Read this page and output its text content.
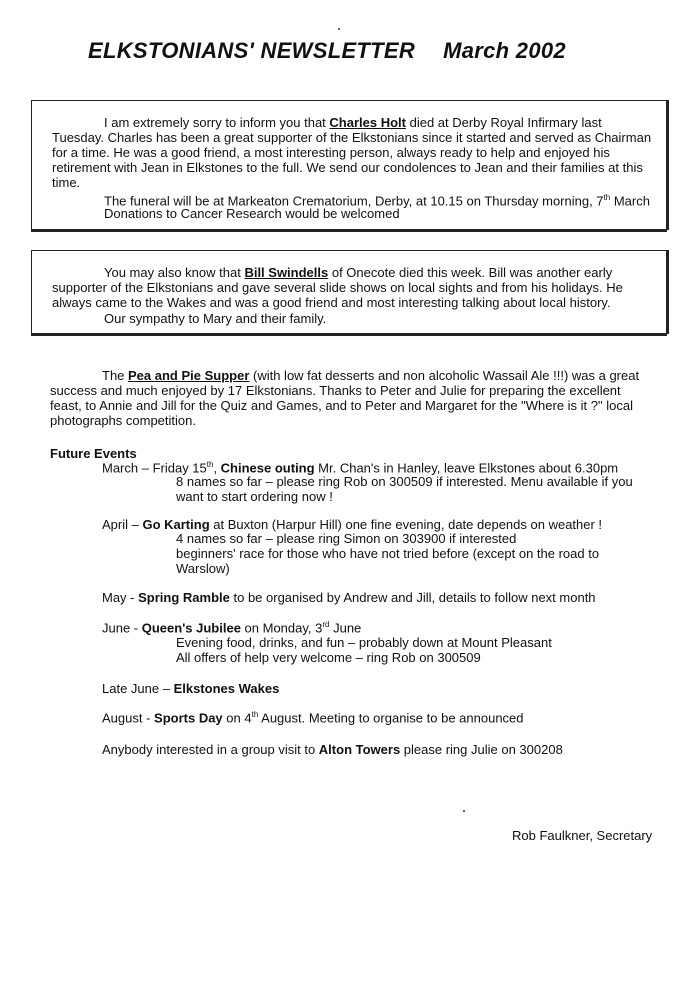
ELKSTONIANS' NEWSLETTER March 2002
I am extremely sorry to inform you that Charles Holt died at Derby Royal Infirmary last Tuesday. Charles has been a great supporter of the Elkstonians since it started and served as Chairman for a time. He was a good friend, a most interesting person, always ready to help and enjoyed his retirement with Jean in Elkstones to the full. We send our condolences to Jean and their families at this time.
The funeral will be at Markeaton Crematorium, Derby, at 10.15 on Thursday morning, 7th March
Donations to Cancer Research would be welcomed
You may also know that Bill Swindells of Onecote died this week. Bill was another early supporter of the Elkstonians and gave several slide shows on local sights and from his holidays. He always came to the Wakes and was a good friend and most interesting talking about local history.
Our sympathy to Mary and their family.
The Pea and Pie Supper (with low fat desserts and non alcoholic Wassail Ale !!!) was a great success and much enjoyed by 17 Elkstonians. Thanks to Peter and Julie for preparing the excellent feast, to Annie and Jill for the Quiz and Games, and to Peter and Margaret for the "Where is it ?" local photographs competition.
Future Events
March – Friday 15th, Chinese outing Mr. Chan's in Hanley, leave Elkstones about 6.30pm
8 names so far – please ring Rob on 300509 if interested. Menu available if you
want to start ordering now !
April – Go Karting at Buxton (Harpur Hill) one fine evening, date depends on weather !
4 names so far – please ring Simon on 303900 if interested
beginners' race for those who have not tried before (except on the road to
Warslow)
May - Spring Ramble to be organised by Andrew and Jill, details to follow next month
June - Queen's Jubilee on Monday, 3rd June
Evening food, drinks, and fun – probably down at Mount Pleasant
All offers of help very welcome – ring Rob on 300509
Late June – Elkstones Wakes
August - Sports Day on 4th August. Meeting to organise to be announced
Anybody interested in a group visit to Alton Towers please ring Julie on 300208
Rob Faulkner, Secretary
